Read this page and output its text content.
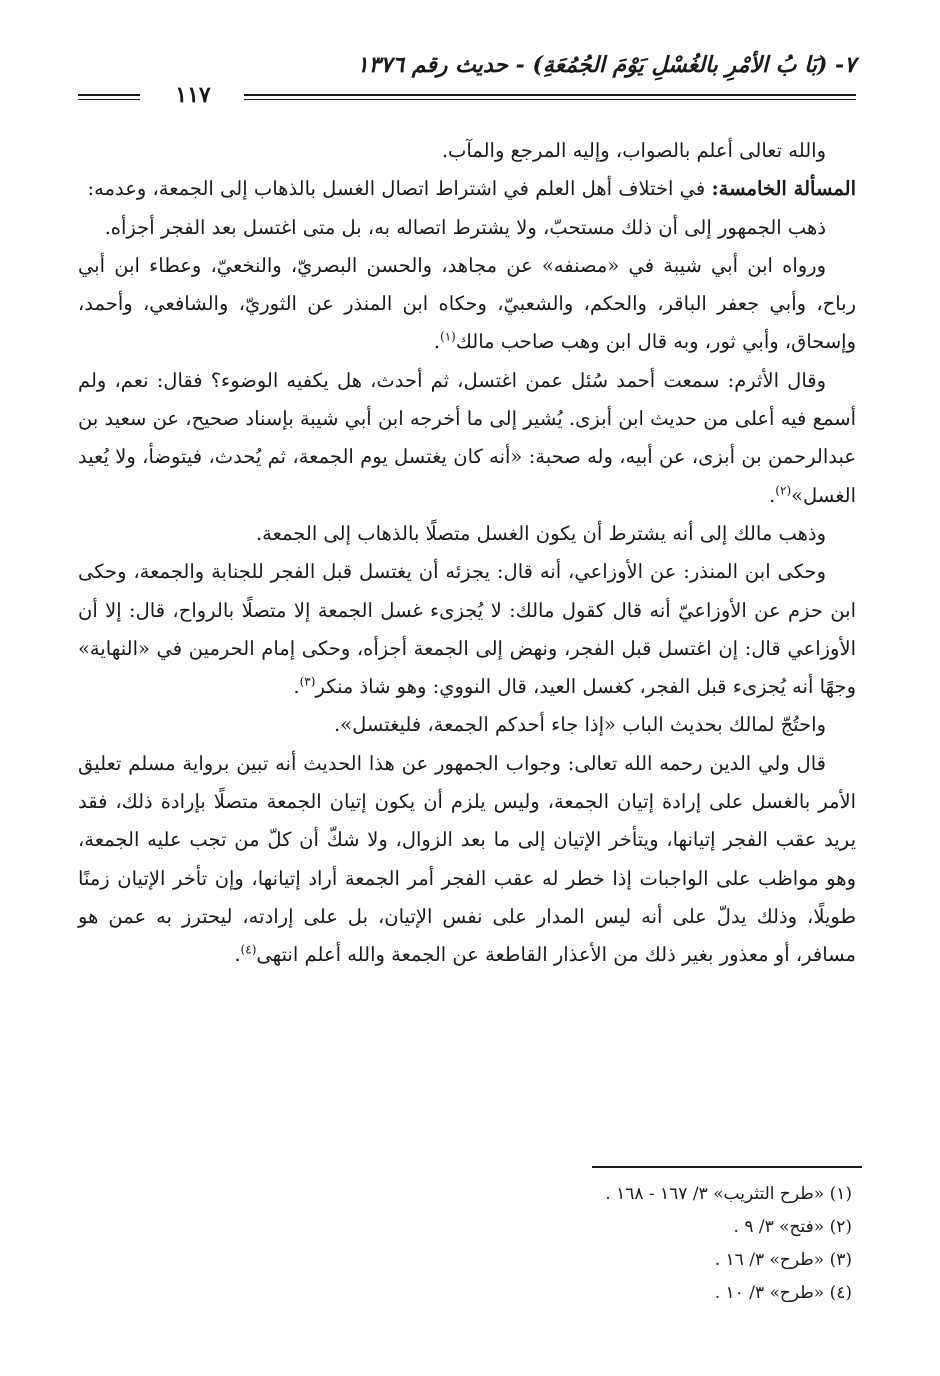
٧- (بَا بُ الأمْرِ بالغُسْلِ يَوْمَ الجُمُعَةِ) - حديث رقم ١٣٧٦
١١٧

والله تعالى أعلم بالصواب، وإليه المرجع والمآب.

المسألة الخامسة: في اختلاف أهل العلم في اشتراط اتصال الغسل بالذهاب إلى الجمعة، وعدمه:

ذهب الجمهور إلى أن ذلك مستحبّ، ولا يشترط اتصاله به، بل متى اغتسل بعد الفجر أجزأه.

ورواه ابن أبي شيبة في «مصنفه» عن مجاهد، والحسن البصريّ، والنخعيّ، وعطاء ابن أبي رباح، وأبي جعفر الباقر، والحكم، والشعبيّ، وحكاه ابن المنذر عن الثوريّ، والشافعي، وأحمد، وإسحاق، وأبي ثور، وبه قال ابن وهب صاحب مالك$^{(١)}$.

وقال الأثرم: سمعت أحمد سُئل عمن اغتسل، ثم أحدث، هل يكفيه الوضوء؟ فقال: نعم، ولم أسمع فيه أعلى من حديث ابن أبزى. يُشير إلى ما أخرجه ابن أبي شيبة بإسناد صحيح، عن سعيد بن عبدالرحمن بن أبزى، عن أبيه، وله صحبة: «أنه كان يغتسل يوم الجمعة، ثم يُحدث، فيتوضأ، ولا يُعيد الغسل»$^{(٢)}$.

وذهب مالك إلى أنه يشترط أن يكون الغسل متصلًا بالذهاب إلى الجمعة.

وحكى ابن المنذر: عن الأوزاعي، أنه قال: يجزئه أن يغتسل قبل الفجر للجنابة والجمعة، وحكى ابن حزم عن الأوزاعيّ أنه قال كقول مالك: لا يُجزىء غسل الجمعة إلا متصلًا بالرواح، قال: إلا أن الأوزاعي قال: إن اغتسل قبل الفجر، ونهض إلى الجمعة أجزأه، وحكى إمام الحرمين في «النهاية» وجهًا أنه يُجزىء قبل الفجر، كغسل العيد، قال النووي: وهو شاذ منكر$^{(٣)}$.

واحتُجّ لمالك بحديث الباب «إذا جاء أحدكم الجمعة، فليغتسل».

قال ولي الدين رحمه الله تعالى: وجواب الجمهور عن هذا الحديث أنه تبين برواية مسلم تعليق الأمر بالغسل على إرادة إتيان الجمعة، وليس يلزم أن يكون إتيان الجمعة متصلًا بإرادة ذلك، فقد يريد عقب الفجر إتيانها، ويتأخر الإتيان إلى ما بعد الزوال، ولا شكّ أن كلّ من تجب عليه الجمعة، وهو مواظب على الواجبات إذا خطر له عقب الفجر أمر الجمعة أراد إتيانها، وإن تأخر الإتيان زمنًا طويلًا، وذلك يدلّ على أنه ليس المدار على نفس الإتيان، بل على إرادته، ليحترز به عمن هو مسافر، أو معذور بغير ذلك من الأعذار القاطعة عن الجمعة والله أعلم انتهى$^{(٤)}$.

(١) «طرح التثريب» ٣/ ١٦٧ - ١٦٨ .
(٢) «فتح» ٣/ ٩ .
(٣) «طرح» ٣/ ١٦ .
(٤) «طرح» ٣/ ١٠ .
